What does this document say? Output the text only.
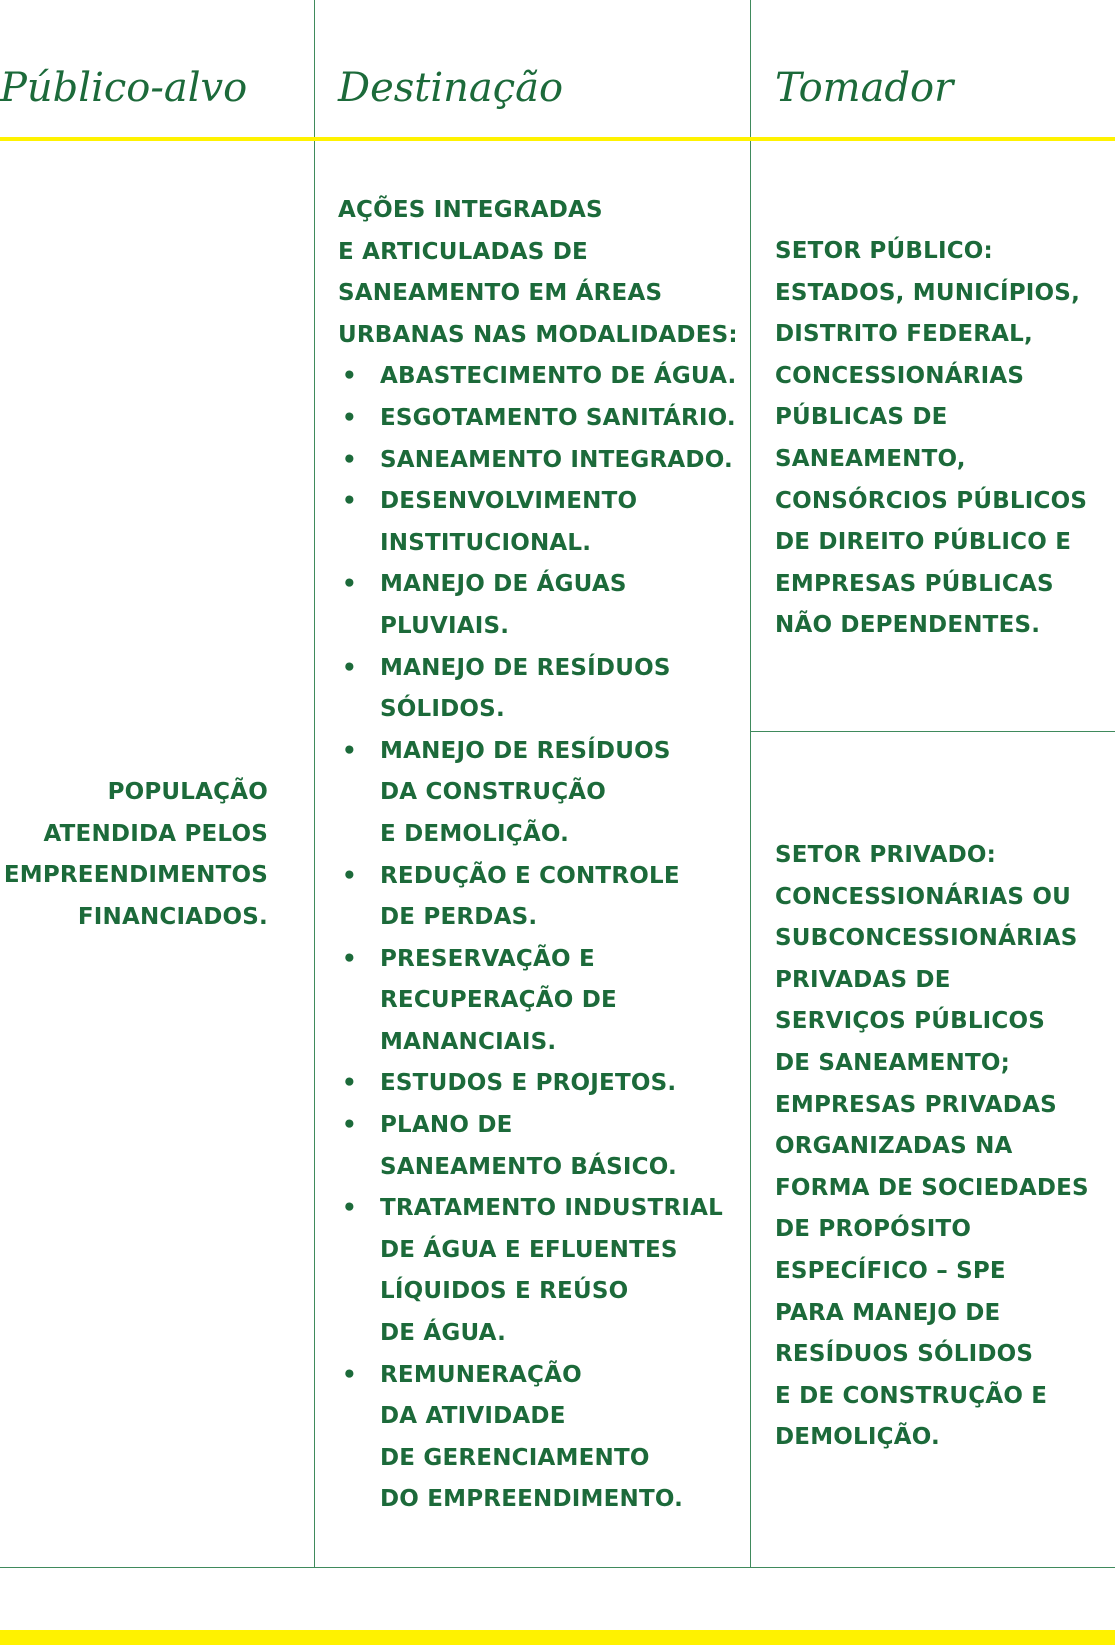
Público-alvo Destinação	Tomador
POPULAÇÃO
ATENDIDA PELOS
EMPREENDIMENTOS
FINANCIADOS.
AÇÕES INTEGRADAS
E ARTICULADAS DE
SANEAMENTO EM ÁREAS
URBANAS NAS MODALIDADES:
• ABASTECIMENTO DE ÁGUA.
• ESGOTAMENTO SANITÁRIO.
• SANEAMENTO INTEGRADO.
• DESENVOLVIMENTO
INSTITUCIONAL.
• MANEJO DE ÁGUAS
PLUVIAIS.
• MANEJO DE RESÍDUOS
SÓLIDOS.
• MANEJO DE RESÍDUOS
DA CONSTRUÇÃO
E DEMOLIÇÃO.
• REDUÇÃO E CONTROLE
DE PERDAS.
• PRESERVAÇÃO E
RECUPERAÇÃO DE
MANANCIAIS.
• ESTUDOS E PROJETOS.
• PLANO DE
SANEAMENTO BÁSICO.
• TRATAMENTO INDUSTRIAL
DE ÁGUA E EFLUENTES
LÍQUIDOS E REÚSO
DE ÁGUA.
• REMUNERAÇÃO
DA ATIVIDADE
DE GERENCIAMENTO
DO EMPREENDIMENTO.
SETOR PÚBLICO:
ESTADOS, MUNICÍPIOS,
DISTRITO FEDERAL,
CONCESSIONÁRIAS
PÚBLICAS DE
SANEAMENTO,
CONSÓRCIOS PÚBLICOS
DE DIREITO PÚBLICO E
EMPRESAS PÚBLICAS
NÃO DEPENDENTES.
SETOR PRIVADO:
CONCESSIONÁRIAS OU
SUBCONCESSIONÁRIAS
PRIVADAS DE
SERVIÇOS PÚBLICOS
DE SANEAMENTO;
EMPRESAS PRIVADAS
ORGANIZADAS NA
FORMA DE SOCIEDADES
DE PROPÓSITO
ESPECÍFICO – SPE
PARA MANEJO DE
RESÍDUOS SÓLIDOS
E DE CONSTRUÇÃO E
DEMOLIÇÃO.
